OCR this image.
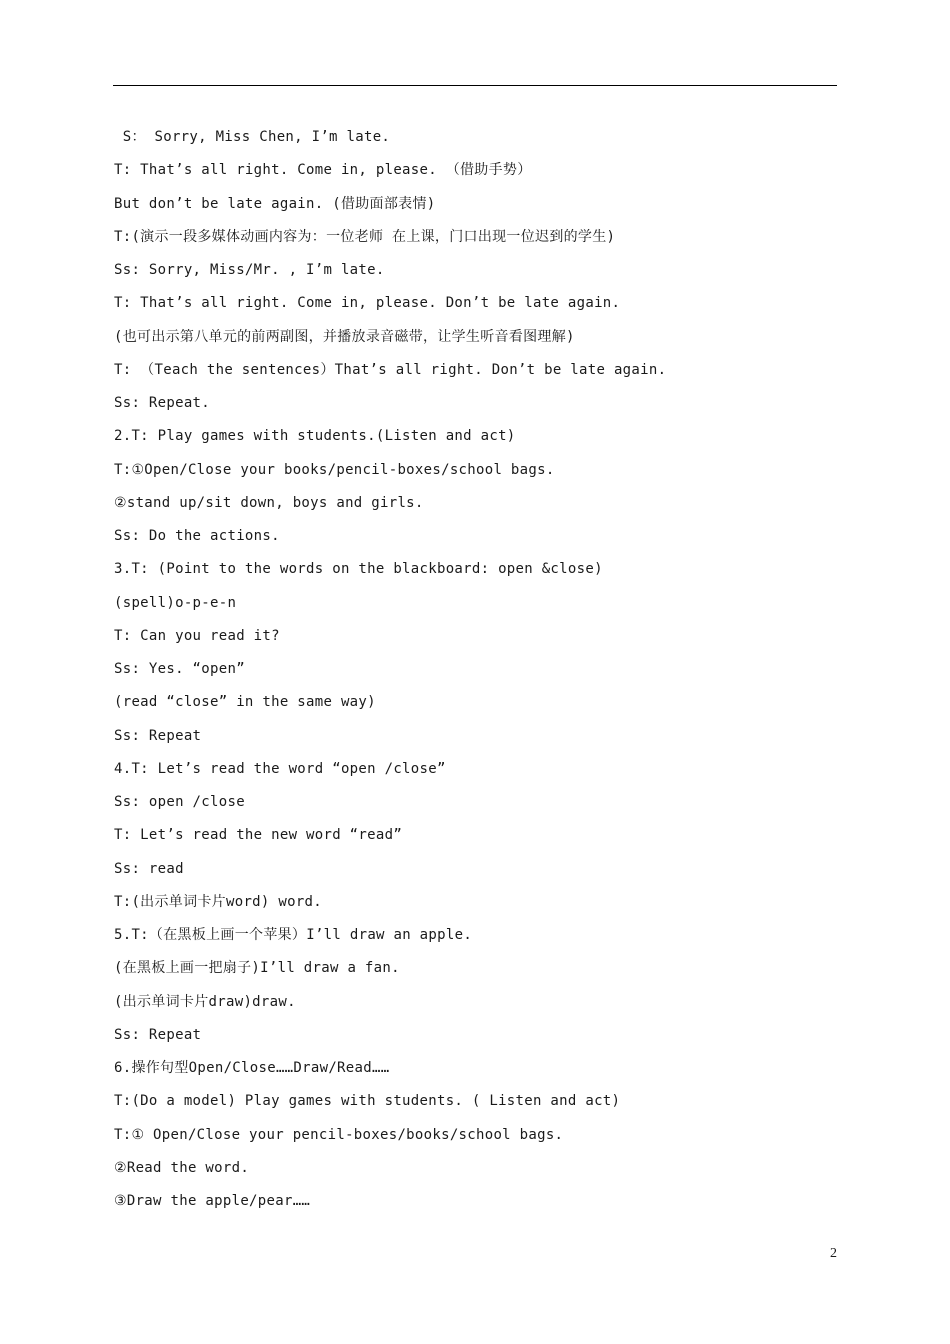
S： Sorry, Miss Chen, I’m late.
T: That’s all right. Come in, please. （借助手势）
But don’t be late again. (借助面部表情)
T:(演示一段多媒体动画内容为：一位老师 在上课，门口出现一位迟到的学生)
Ss: Sorry, Miss/Mr. , I’m late.
T: That’s all right. Come in, please. Don’t be late again.
(也可出示第八单元的前两副图，并播放录音磁带，让学生听音看图理解)
T: （Teach the sentences）That’s all right. Don’t be late again.
Ss: Repeat.
2.T: Play games with students.(Listen and act)
T:①Open/Close your books/pencil-boxes/school bags.
②stand up/sit down, boys and girls.
Ss: Do the actions.
3.T: (Point to the words on the blackboard: open &close)
(spell)o-p-e-n
T: Can you read it?
Ss: Yes. “open”
(read “close” in the same way)
Ss: Repeat
4.T: Let’s read the word “open /close”
Ss: open /close
T: Let’s read the new word “read”
Ss: read
T:(出示单词卡片word) word.
5.T:（在黑板上画一个苹果）I’ll draw an apple.
(在黑板上画一把扇子)I’ll draw a fan.
(出示单词卡片draw)draw.
Ss: Repeat
6.操作句型Open/Close……Draw/Read……
T:(Do a model) Play games with students. ( Listen and act)
T:① Open/Close your pencil-boxes/books/school bags.
②Read the word.
③Draw the apple/pear……
2
